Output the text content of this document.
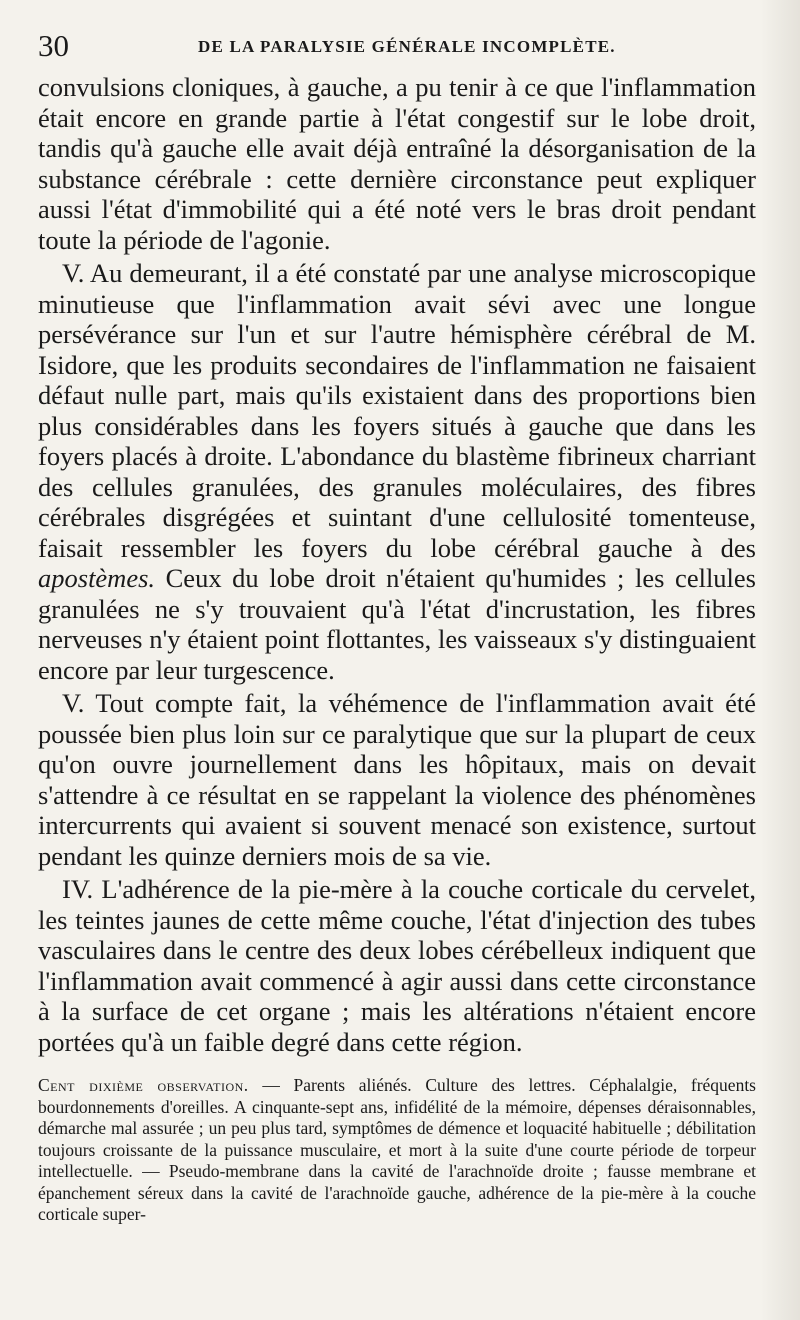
30	DE LA PARALYSIE GÉNÉRALE INCOMPLÈTE.

convulsions cloniques, à gauche, a pu tenir à ce que l'inflammation était encore en grande partie à l'état congestif sur le lobe droit, tandis qu'à gauche elle avait déjà entraîné la désorganisation de la substance cérébrale : cette dernière circonstance peut expliquer aussi l'état d'immobilité qui a été noté vers le bras droit pendant toute la période de l'agonie.

V. Au demeurant, il a été constaté par une analyse microscopique minutieuse que l'inflammation avait sévi avec une longue persévérance sur l'un et sur l'autre hémisphère cérébral de M. Isidore, que les produits secondaires de l'inflammation ne faisaient défaut nulle part, mais qu'ils existaient dans des proportions bien plus considérables dans les foyers situés à gauche que dans les foyers placés à droite. L'abondance du blastème fibrineux charriant des cellules granulées, des granules moléculaires, des fibres cérébrales disgrégées et suintant d'une cellulosité tomenteuse, faisait ressembler les foyers du lobe cérébral gauche à des apostèmes. Ceux du lobe droit n'étaient qu'humides ; les cellules granulées ne s'y trouvaient qu'à l'état d'incrustation, les fibres nerveuses n'y étaient point flottantes, les vaisseaux s'y distinguaient encore par leur turgescence.

V. Tout compte fait, la véhémence de l'inflammation avait été poussée bien plus loin sur ce paralytique que sur la plupart de ceux qu'on ouvre journellement dans les hôpitaux, mais on devait s'attendre à ce résultat en se rappelant la violence des phénomènes intercurrents qui avaient si souvent menacé son existence, surtout pendant les quinze derniers mois de sa vie.

IV. L'adhérence de la pie-mère à la couche corticale du cervelet, les teintes jaunes de cette même couche, l'état d'injection des tubes vasculaires dans le centre des deux lobes cérébelleux indiquent que l'inflammation avait commencé à agir aussi dans cette circonstance à la surface de cet organe ; mais les altérations n'étaient encore portées qu'à un faible degré dans cette région.

Cent dixième observation. — Parents aliénés. Culture des lettres. Céphalalgie, fréquents bourdonnements d'oreilles. A cinquante-sept ans, infidélité de la mémoire, dépenses déraisonnables, démarche mal assurée ; un peu plus tard, symptômes de démence et loquacité habituelle ; débilitation toujours croissante de la puissance musculaire, et mort à la suite d'une courte période de torpeur intellectuelle. — Pseudo-membrane dans la cavité de l'arachnoïde droite ; fausse membrane et épanchement séreux dans la cavité de l'arachnoïde gauche, adhérence de la pie-mère à la couche corticale super-
